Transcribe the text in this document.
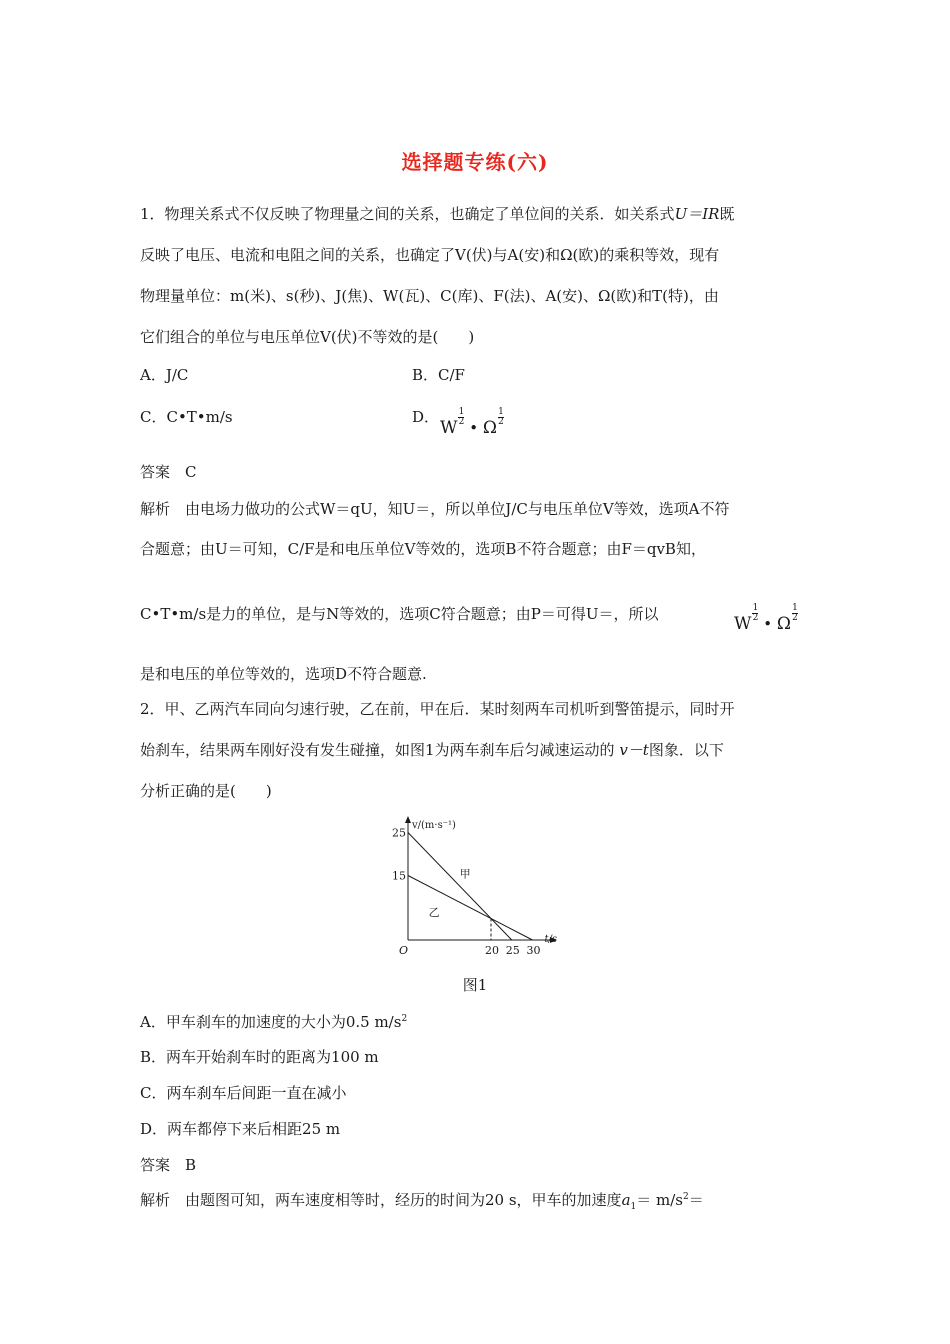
选择题专练(六)
1．物理关系式不仅反映了物理量之间的关系，也确定了单位间的关系．如关系式U＝IR既
反映了电压、电流和电阻之间的关系，也确定了V(伏)与A(安)和Ω(欧)的乘积等效，现有
物理量单位：m(米)、s(秒)、J(焦)、W(瓦)、C(库)、F(法)、A(安)、Ω(欧)和T(特)，由
它们组合的单位与电压单位V(伏)不等效的是(　　)
A．J/C	B．C/F
C．C•T•m/s	D．
W
$\frac{1}{2}$
• Ω
$\frac{1}{2}$
答案　C
解析　由电场力做功的公式W＝qU，知U＝，所以单位J/C与电压单位V等效，选项A不符
合题意；由U＝可知，C/F是和电压单位V等效的，选项B不符合题意；由F＝qvB知，
C•T•m/s是力的单位，是与N等效的，选项C符合题意；由P＝可得U＝，所以	W
$\frac{1}{2}$
• Ω
$\frac{1}{2}$
是和电压的单位等效的，选项D不符合题意.
2．甲、乙两汽车同向匀速行驶，乙在前，甲在后．某时刻两车司机听到警笛提示，同时开
始刹车，结果两车刚好没有发生碰撞，如图1为两车刹车后匀减速运动的 v－t图象．以下
分析正确的是(　　)
v/(m·s⁻¹)
t/s
O
15
25
20 25 30
甲
乙
图1
A．甲车刹车的加速度的大小为0.5 $m/s^2$
B．两车开始刹车时的距离为100 m
C．两车刹车后间距一直在减小
D．两车都停下来后相距25 m
答案　B
解析　由题图可知，两车速度相等时，经历的时间为20 s，甲车的加速度$a_1= m/s^2=$
